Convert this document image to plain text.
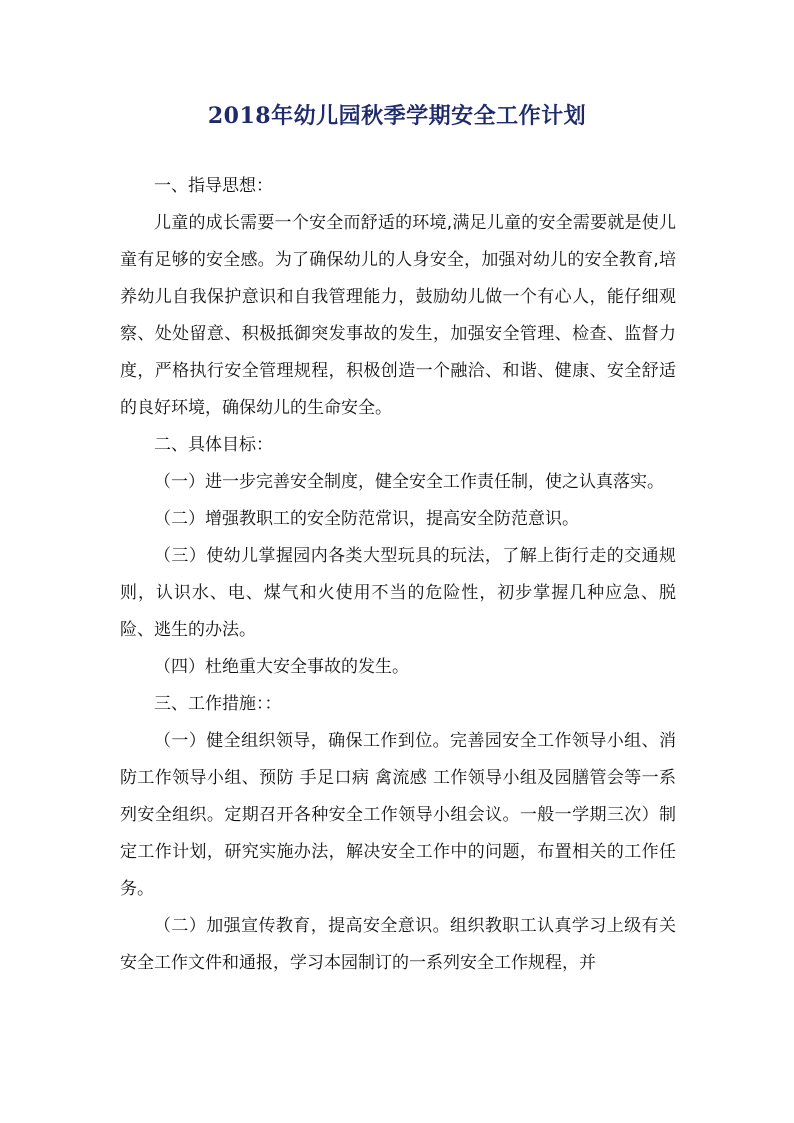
2018年幼儿园秋季学期安全工作计划

一、指导思想：

儿童的成长需要一个安全而舒适的环境,满足儿童的安全需要就是使儿童有足够的安全感。为了确保幼儿的人身安全，加强对幼儿的安全教育,培养幼儿自我保护意识和自我管理能力，鼓励幼儿做一个有心人，能仔细观察、处处留意、积极抵御突发事故的发生，加强安全管理、检查、监督力度，严格执行安全管理规程，积极创造一个融洽、和谐、健康、安全舒适的良好环境，确保幼儿的生命安全。

二、具体目标：

（一）进一步完善安全制度，健全安全工作责任制，使之认真落实。

（二）增强教职工的安全防范常识，提高安全防范意识。

（三）使幼儿掌握园内各类大型玩具的玩法，了解上街行走的交通规则，认识水、电、煤气和火使用不当的危险性，初步掌握几种应急、脱险、逃生的办法。

（四）杜绝重大安全事故的发生。

三、工作措施：：

（一）健全组织领导，确保工作到位。完善园安全工作领导小组、消防工作领导小组、预防 手足口病 禽流感 工作领导小组及园膳管会等一系列安全组织。定期召开各种安全工作领导小组会议。一般一学期三次）制定工作计划，研究实施办法，解决安全工作中的问题，布置相关的工作任务。

（二）加强宣传教育，提高安全意识。组织教职工认真学习上级有关安全工作文件和通报，学习本园制订的一系列安全工作规程，并
